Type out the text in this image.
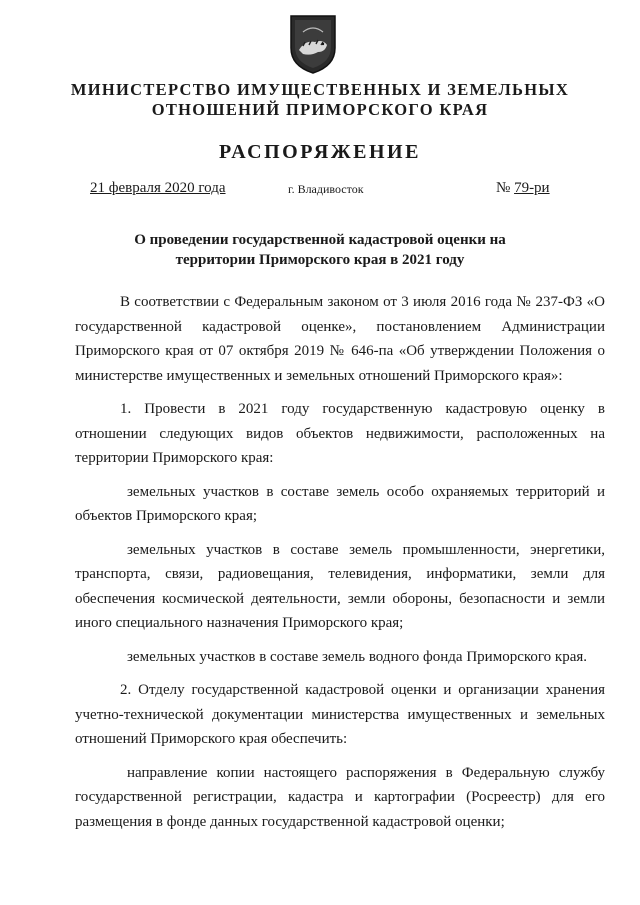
МИНИСТЕРСТВО ИМУЩЕСТВЕННЫХ И ЗЕМЕЛЬНЫХ
ОТНОШЕНИЙ ПРИМОРСКОГО КРАЯ
РАСПОРЯЖЕНИЕ
21 февраля 2020 года	г. Владивосток	№ 79-ри
О проведении государственной кадастровой оценки на
территории Приморского края в 2021 году

В соответствии с Федеральным законом от 3 июля 2016 года № 237-ФЗ «О государственной кадастровой оценке», постановлением Администрации Приморского края от 07 октября 2019 № 646-па «Об утверждении Положения о министерстве имущественных и земельных отношений Приморского края»:

1. Провести в 2021 году государственную кадастровую оценку в отношении следующих видов объектов недвижимости, расположенных на территории Приморского края:

земельных участков в составе земель особо охраняемых территорий и объектов Приморского края;

земельных участков в составе земель промышленности, энергетики, транспорта, связи, радиовещания, телевидения, информатики, земли для обеспечения космической деятельности, земли обороны, безопасности и земли иного специального назначения Приморского края;

земельных участков в составе земель водного фонда Приморского края.

2. Отделу государственной кадастровой оценки и организации хранения учетно-технической документации министерства имущественных и земельных отношений Приморского края обеспечить:

направление копии настоящего распоряжения в Федеральную службу государственной регистрации, кадастра и картографии (Росреестр) для его размещения в фонде данных государственной кадастровой оценки;
